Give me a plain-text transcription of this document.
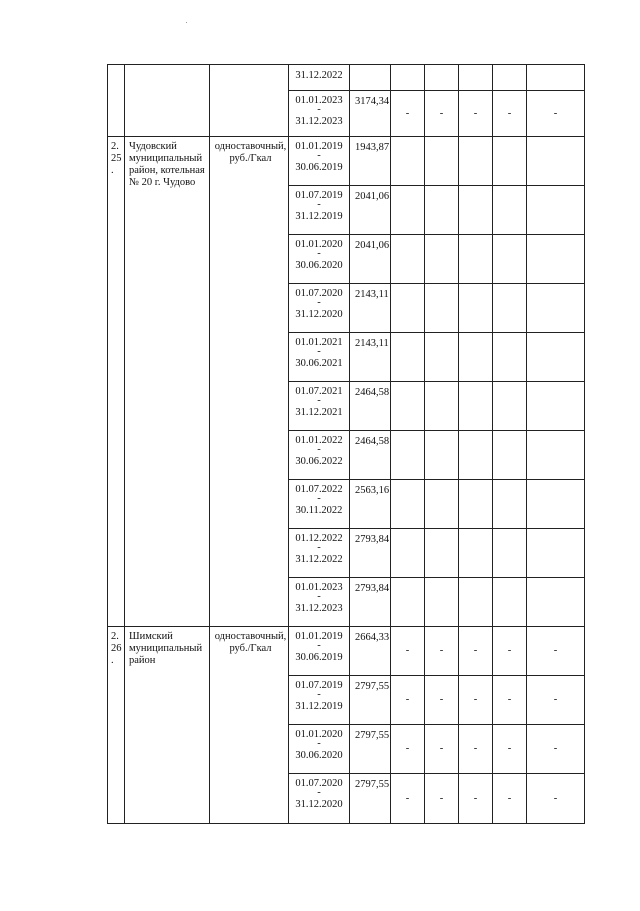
			31.12.2022						

			01.01.2023
-
31.12.2023	3174,34	-	-	-	-	-
2. 25 .	Чудовский муниципальный район, котельная № 20 г. Чудово	одноставочный, руб./Гкал	01.01.2019
-
30.06.2019	1943,87					

			01.07.2019
-
31.12.2019	2041,06					

			01.01.2020
-
30.06.2020	2041,06					

			01.07.2020
-
31.12.2020	2143,11					

			01.01.2021
-
30.06.2021	2143,11					

			01.07.2021
-
31.12.2021	2464,58					

			01.01.2022
-
30.06.2022	2464,58					

			01.07.2022
-
30.11.2022	2563,16					

			01.12.2022
-
31.12.2022	2793,84					

			01.01.2023
-
31.12.2023	2793,84					
2. 26 .	Шимский муниципальный район	одноставочный, руб./Гкал	01.01.2019
-
30.06.2019	2664,33	-	-	-	-	-

			01.07.2019
-
31.12.2019	2797,55	-	-	-	-	-

			01.01.2020
-
30.06.2020	2797,55	-	-	-	-	-

			01.07.2020
-
31.12.2020	2797,55	-	-	-	-	-
